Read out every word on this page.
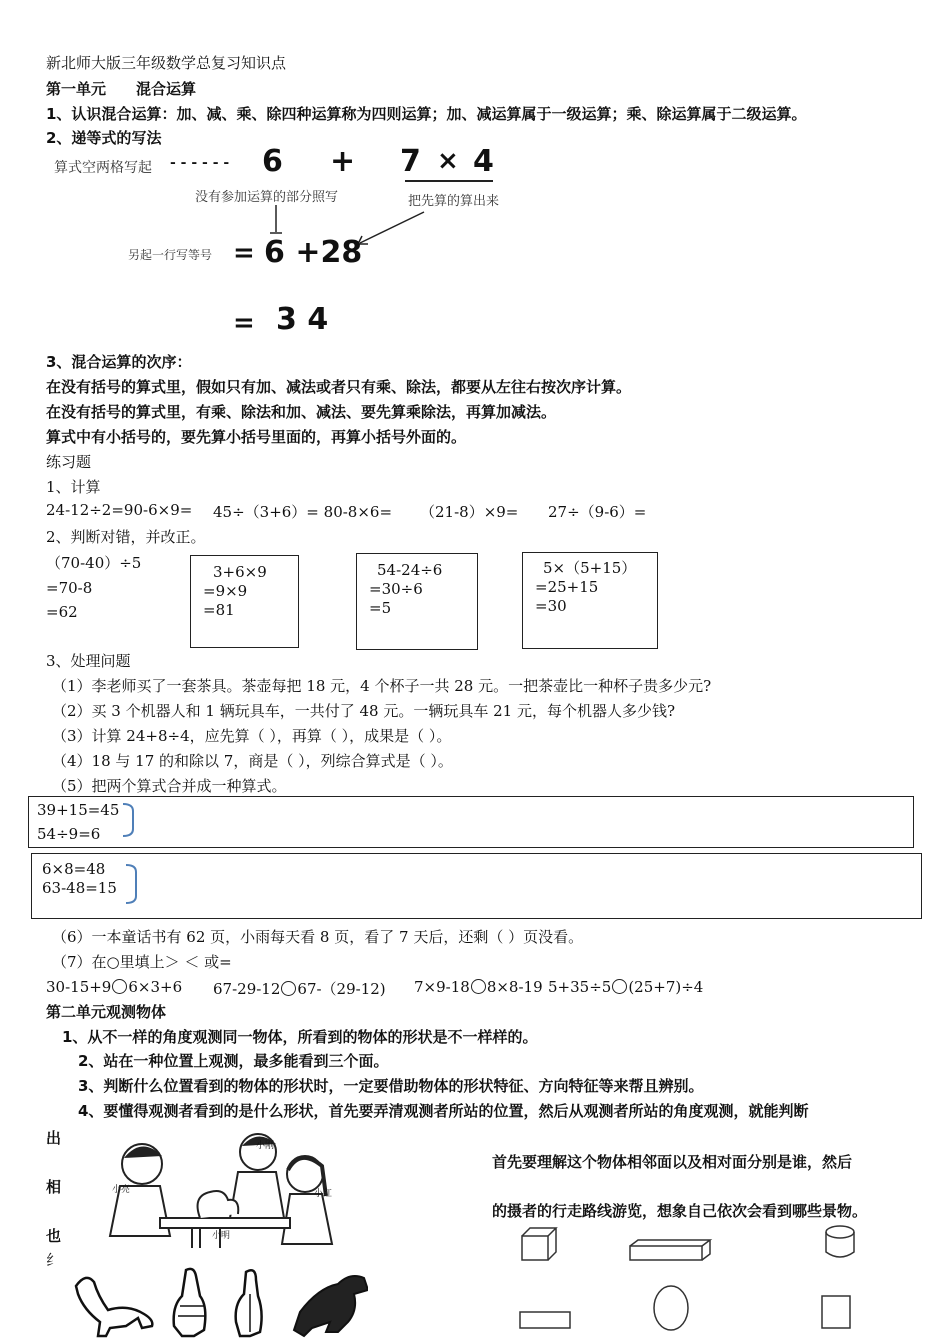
新北师大版三年级数学总复习知识点
第一单元　　混合运算
1、认识混合运算：加、减、乘、除四种运算称为四则运算；加、减运算属于一级运算；乘、除运算属于二级运算。
2、递等式的写法
算式空两格写起 - - - - - - 6 + 7 × 4
没有参加运算的部分照写	把先算的算出来
另起一行写等号 = 6 +28
= 3 4
3、混合运算的次序：
在没有括号的算式里，假如只有加、减法或者只有乘、除法，都要从左往右按次序计算。
在没有括号的算式里，有乘、除法和加、减法、要先算乘除法，再算加减法。
算式中有小括号的，要先算小括号里面的，再算小括号外面的。
练习题
1、计算
24-12÷2=90-6×9= 45÷（3+6）= 80-8×6= （21-8）×9= 27÷（9-6）=
2、判断对错，并改正。
（70-40）÷5
=70-8
=62
3+6×9
=9×9
=81
54-24÷6
=30÷6
=5
5×（5+15）
=25+15
=30
3、处理问题
（1）李老师买了一套茶具。茶壶每把 18 元，4 个杯子一共 28 元。一把茶壶比一种杯子贵多少元?
（2）买 3 个机器人和 1 辆玩具车，一共付了 48 元。一辆玩具车 21 元，每个机器人多少钱?
（3）计算 24+8÷4，应先算（ ），再算（ ），成果是（ ）。
（4）18 与 17 的和除以 7，商是（ ），列综合算式是（ ）。
（5）把两个算式合并成一种算式。
39+15=45
54÷9=6
6×8=48
63-48=15
（6）一本童话书有 62 页，小雨每天看 8 页，看了 7 天后，还剩（ ）页没看。
（7）在○里填上＞ ＜ 或=
30-15+9 6×3+6 67-29-12 67-（29-12) 7×9-18 8×8-19 5+35÷5 (25+7)÷4
第二单元观测物体
1、从不一样的角度观测同一物体，所看到的物体的形状是不一样样的。
2、站在一种位置上观测，最多能看到三个面。
3、判断什么位置看到的物体的形状时，一定要借助物体的形状特征、方向特征等来帮且辨别。
4、要懂得观测者看到的是什么形状，首先要弄清观测者所站的位置，然后从观测者所站的角度观测，就能判断
出
相
也
纟
首先要理解这个物体相邻面以及相对面分别是谁，然后
的摄者的行走路线游览，想象自己依次会看到哪些景物。
小刚
小亮	小红
小明
